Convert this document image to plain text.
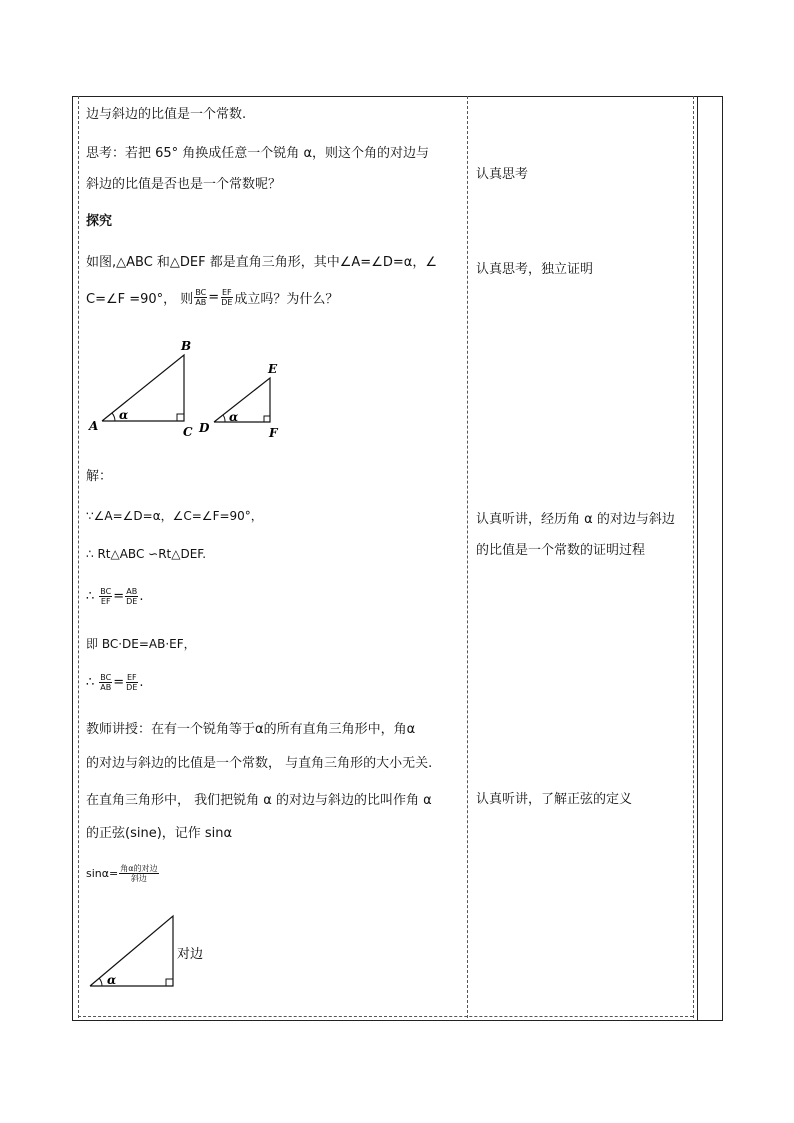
边与斜边的比值是一个常数.
思考：若把 65° 角换成任意一个锐角 α，则这个角的对边与
斜边的比值是否也是一个常数呢？
探究
如图,△ABC 和△DEF 都是直角三角形，其中∠A=∠D=α，∠
C=∠F =90°， 则 $\frac{BC}{AB} = \frac{EF}{DE}$ 成立吗？为什么？
A
B
C
α
D
E
F
α
解：
∵∠A=∠D=α，∠C=∠F=90°，
∴ Rt△ABC ∽Rt△DEF.
∴ $\frac{BC}{EF} = \frac{AB}{DE}$ .
即 BC·DE=AB·EF，
∴ $\frac{BC}{AB} = \frac{EF}{DE}$ .
教师讲授：在有一个锐角等于α的所有直角三角形中，角α
的对边与斜边的比值是一个常数， 与直角三角形的大小无关.
在直角三角形中， 我们把锐角 α 的对边与斜边的比叫作角 α
的正弦(sine)，记作 sinα
sinα= 角α的对边
斜边
对边
α
认真思考
认真思考，独立证明
认真听讲，经历角 α 的对边与斜边
的比值是一个常数的证明过程
认真听讲，了解正弦的定义
